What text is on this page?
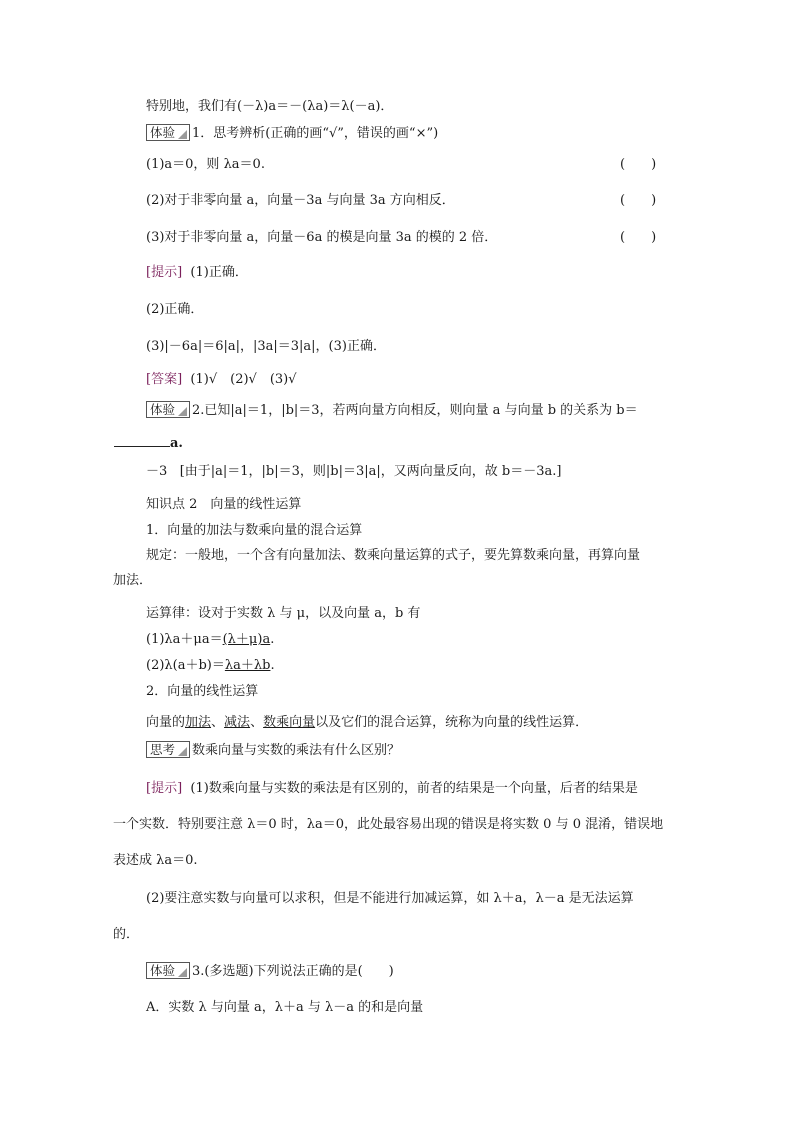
特别地，我们有(－λ)a＝－(λa)＝λ(－a)．
体验 1．思考辨析(正确的画“√”，错误的画“×”)
(1)a＝0，则 λa＝0.	(　　)
(2)对于非零向量 a，向量－3a 与向量 3a 方向相反．	(　　)
(3)对于非零向量 a，向量－6a 的模是向量 3a 的模的 2 倍．	(　　)
[提示] (1)正确．
(2)正确．
(3)|－6a|＝6|a|，|3a|＝3|a|，(3)正确．
[答案] (1)√　(2)√　(3)√
体验 2.已知|a|＝1，|b|＝3，若两向量方向相反，则向量 a 与向量 b 的关系为 b＝
a.
－3 [由于|a|＝1，|b|＝3，则|b|＝3|a|，又两向量反向，故 b＝－3a.]
知识点 2　向量的线性运算
1．向量的加法与数乘向量的混合运算
规定：一般地，一个含有向量加法、数乘向量运算的式子，要先算数乘向量，再算向量
加法．
运算律：设对于实数 λ 与 μ，以及向量 a，b 有
(1)λa＋μa＝(λ＋μ)a.
(2)λ(a＋b)＝λa＋λb.
2．向量的线性运算
向量的加法、减法、数乘向量以及它们的混合运算，统称为向量的线性运算．
思考 数乘向量与实数的乘法有什么区别？
[提示] (1)数乘向量与实数的乘法是有区别的，前者的结果是一个向量，后者的结果是
一个实数．特别要注意 λ＝0 时，λa＝0，此处最容易出现的错误是将实数 0 与 0 混淆，错误地
表述成 λa＝0.
(2)要注意实数与向量可以求积，但是不能进行加减运算，如 λ＋a，λ－a 是无法运算
的．
体验 3.(多选题)下列说法正确的是(　　)
A．实数 λ 与向量 a，λ＋a 与 λ－a 的和是向量
